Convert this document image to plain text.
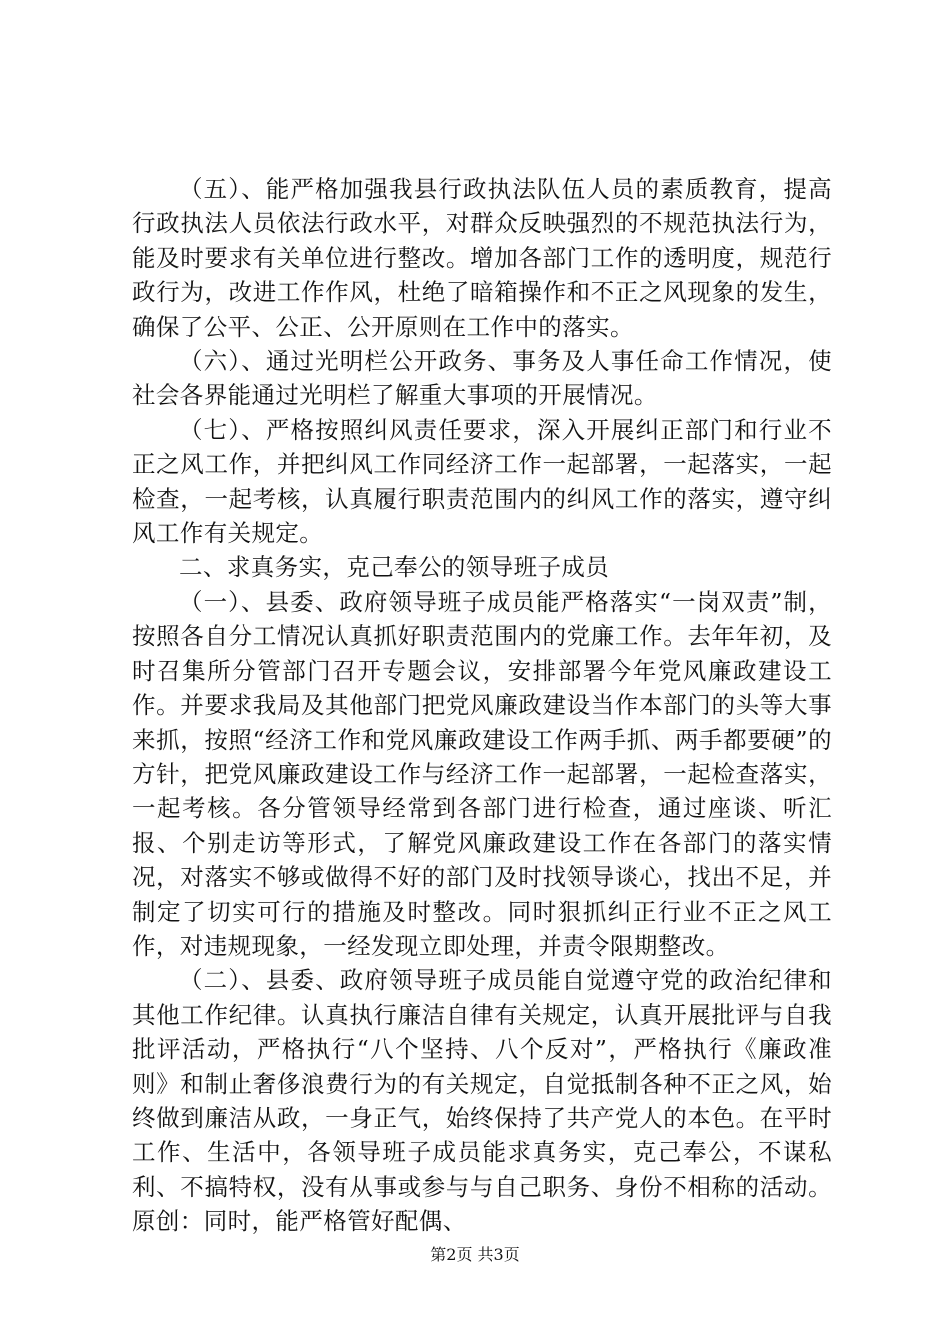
（五）、能严格加强我县行政执法队伍人员的素质教育，提高行政执法人员依法行政水平，对群众反映强烈的不规范执法行为，能及时要求有关单位进行整改。增加各部门工作的透明度，规范行政行为，改进工作作风，杜绝了暗箱操作和不正之风现象的发生，确保了公平、公正、公开原则在工作中的落实。

（六）、通过光明栏公开政务、事务及人事任命工作情况，使社会各界能通过光明栏了解重大事项的开展情况。

（七）、严格按照纠风责任要求，深入开展纠正部门和行业不正之风工作，并把纠风工作同经济工作一起部署，一起落实，一起检查，一起考核，认真履行职责范围内的纠风工作的落实，遵守纠风工作有关规定。

二、求真务实，克己奉公的领导班子成员

（一）、县委、政府领导班子成员能严格落实“一岗双责”制，按照各自分工情况认真抓好职责范围内的党廉工作。去年年初，及时召集所分管部门召开专题会议，安排部署今年党风廉政建设工作。并要求我局及其他部门把党风廉政建设当作本部门的头等大事来抓，按照“经济工作和党风廉政建设工作两手抓、两手都要硬”的方针，把党风廉政建设工作与经济工作一起部署，一起检查落实，一起考核。各分管领导经常到各部门进行检查，通过座谈、听汇报、个别走访等形式，了解党风廉政建设工作在各部门的落实情况，对落实不够或做得不好的部门及时找领导谈心，找出不足，并制定了切实可行的措施及时整改。同时狠抓纠正行业不正之风工作，对违规现象，一经发现立即处理，并责令限期整改。

（二）、县委、政府领导班子成员能自觉遵守党的政治纪律和其他工作纪律。认真执行廉洁自律有关规定，认真开展批评与自我批评活动，严格执行“八个坚持、八个反对”，严格执行《廉政准则》和制止奢侈浪费行为的有关规定，自觉抵制各种不正之风，始终做到廉洁从政，一身正气，始终保持了共产党人的本色。在平时工作、生活中，各领导班子成员能求真务实，克己奉公，不谋私利、不搞特权，没有从事或参与与自己职务、身份不相称的活动。原创：同时，能严格管好配偶、

第2页 共3页
